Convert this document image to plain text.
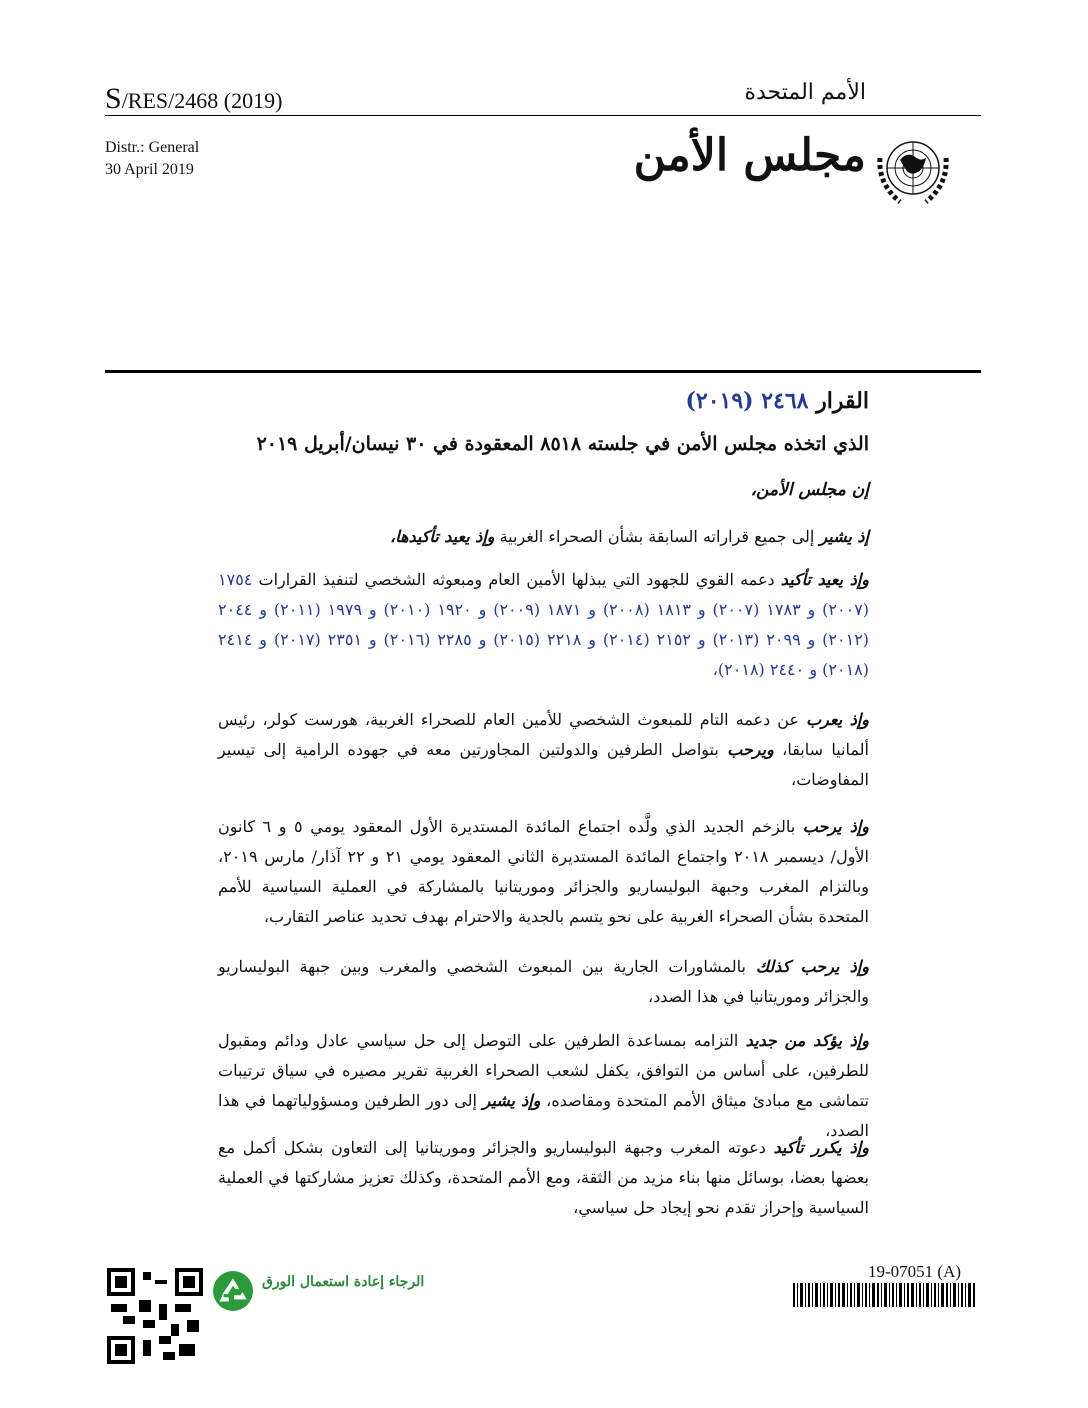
S/RES/2468 (2019)	الأمم المتحدة
Distr.: General
30 April 2019	مجلس الأمن
القرار ٢٤٦٨ (٢٠١٩)
الذي اتخذه مجلس الأمن في جلسته ٨٥١٨ المعقودة في ٣٠ نيسان/أبريل ٢٠١٩
إن مجلس الأمن،
إذ يشير إلى جميع قراراته السابقة بشأن الصحراء الغربية وإذ يعيد تأكيدها،
وإذ يعيد تأكيد دعمه القوي للجهود التي يبذلها الأمين العام ومبعوثه الشخصي لتنفيذ القرارات ١٧٥٤ (٢٠٠٧) و ١٧٨٣ (٢٠٠٧) و ١٨١٣ (٢٠٠٨) و ١٨٧١ (٢٠٠٩) و ١٩٢٠ (٢٠١٠) و ١٩٧٩ (٢٠١١) و ٢٠٤٤ (٢٠١٢) و ٢٠٩٩ (٢٠١٣) و ٢١٥٢ (٢٠١٤) و ٢٢١٨ (٢٠١٥) و ٢٢٨٥ (٢٠١٦) و ٢٣٥١ (٢٠١٧) و ٢٤١٤ (٢٠١٨) و ٢٤٤٠ (٢٠١٨)،
وإذ يعرب عن دعمه التام للمبعوث الشخصي للأمين العام للصحراء الغربية، هورست كولر، رئيس ألمانيا سابقا، ويرحب بتواصل الطرفين والدولتين المجاورتين معه في جهوده الرامية إلى تيسير المفاوضات،
وإذ يرحب بالزخم الجديد الذي ولَّده اجتماع المائدة المستديرة الأول المعقود يومي ٥ و ٦ كانون الأول/ ديسمبر ٢٠١٨ واجتماع المائدة المستديرة الثاني المعقود يومي ٢١ و ٢٢ آذار/ مارس ٢٠١٩، وبالتزام المغرب وجبهة البوليساريو والجزائر وموريتانيا بالمشاركة في العملية السياسية للأمم المتحدة بشأن الصحراء الغربية على نحو يتسم بالجدية والاحترام بهدف تحديد عناصر التقارب،
وإذ يرحب كذلك بالمشاورات الجارية بين المبعوث الشخصي والمغرب وبين جبهة البوليساريو والجزائر وموريتانيا في هذا الصدد،
وإذ يؤكد من جديد التزامه بمساعدة الطرفين على التوصل إلى حل سياسي عادل ودائم ومقبول للطرفين، على أساس من التوافق، يكفل لشعب الصحراء الغربية تقرير مصيره في سياق ترتيبات تتماشى مع مبادئ ميثاق الأمم المتحدة ومقاصده، وإذ يشير إلى دور الطرفين ومسؤولياتهما في هذا الصدد،
وإذ يكرر تأكيد دعوته المغرب وجبهة البوليساريو والجزائر وموريتانيا إلى التعاون بشكل أكمل مع بعضها بعضا، بوسائل منها بناء مزيد من الثقة، ومع الأمم المتحدة، وكذلك تعزيز مشاركتها في العملية السياسية وإحراز تقدم نحو إيجاد حل سياسي،
الرجاء إعادة استعمال الورق
19-07051 (A)
